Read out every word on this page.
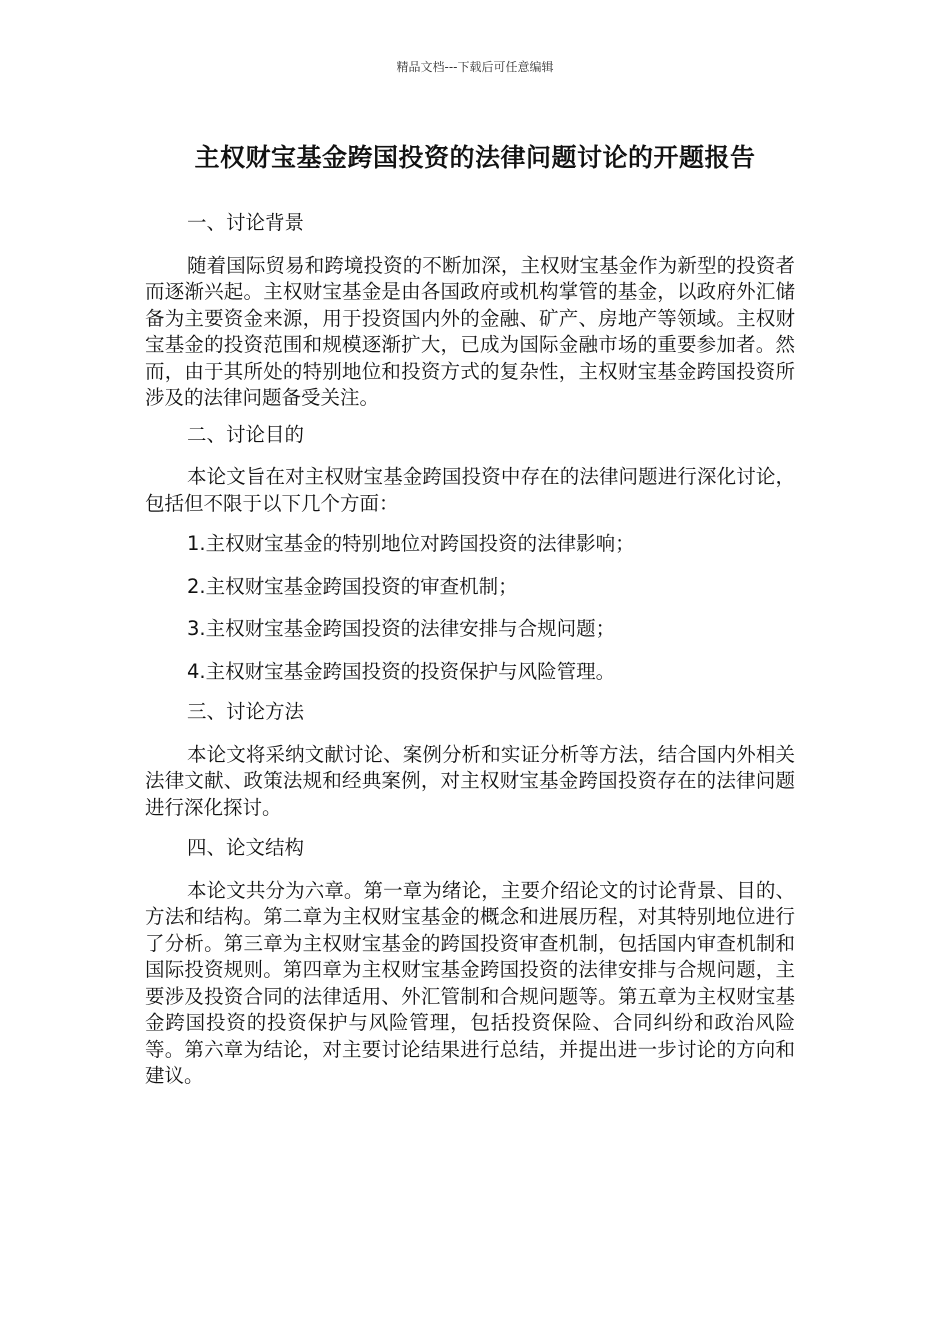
精品文档---下载后可任意编辑
主权财宝基金跨国投资的法律问题讨论的开题报告

一、讨论背景

随着国际贸易和跨境投资的不断加深，主权财宝基金作为新型的投资者而逐渐兴起。主权财宝基金是由各国政府或机构掌管的基金，以政府外汇储备为主要资金来源，用于投资国内外的金融、矿产、房地产等领域。主权财宝基金的投资范围和规模逐渐扩大，已成为国际金融市场的重要参加者。然而，由于其所处的特别地位和投资方式的复杂性，主权财宝基金跨国投资所涉及的法律问题备受关注。

二、讨论目的

本论文旨在对主权财宝基金跨国投资中存在的法律问题进行深化讨论，包括但不限于以下几个方面：

1.主权财宝基金的特别地位对跨国投资的法律影响；

2.主权财宝基金跨国投资的审查机制；

3.主权财宝基金跨国投资的法律安排与合规问题；

4.主权财宝基金跨国投资的投资保护与风险管理。

三、讨论方法

本论文将采纳文献讨论、案例分析和实证分析等方法，结合国内外相关法律文献、政策法规和经典案例，对主权财宝基金跨国投资存在的法律问题进行深化探讨。

四、论文结构

本论文共分为六章。第一章为绪论，主要介绍论文的讨论背景、目的、方法和结构。第二章为主权财宝基金的概念和进展历程，对其特别地位进行了分析。第三章为主权财宝基金的跨国投资审查机制，包括国内审查机制和国际投资规则。第四章为主权财宝基金跨国投资的法律安排与合规问题，主要涉及投资合同的法律适用、外汇管制和合规问题等。第五章为主权财宝基金跨国投资的投资保护与风险管理，包括投资保险、合同纠纷和政治风险等。第六章为结论，对主要讨论结果进行总结，并提出进一步讨论的方向和建议。
